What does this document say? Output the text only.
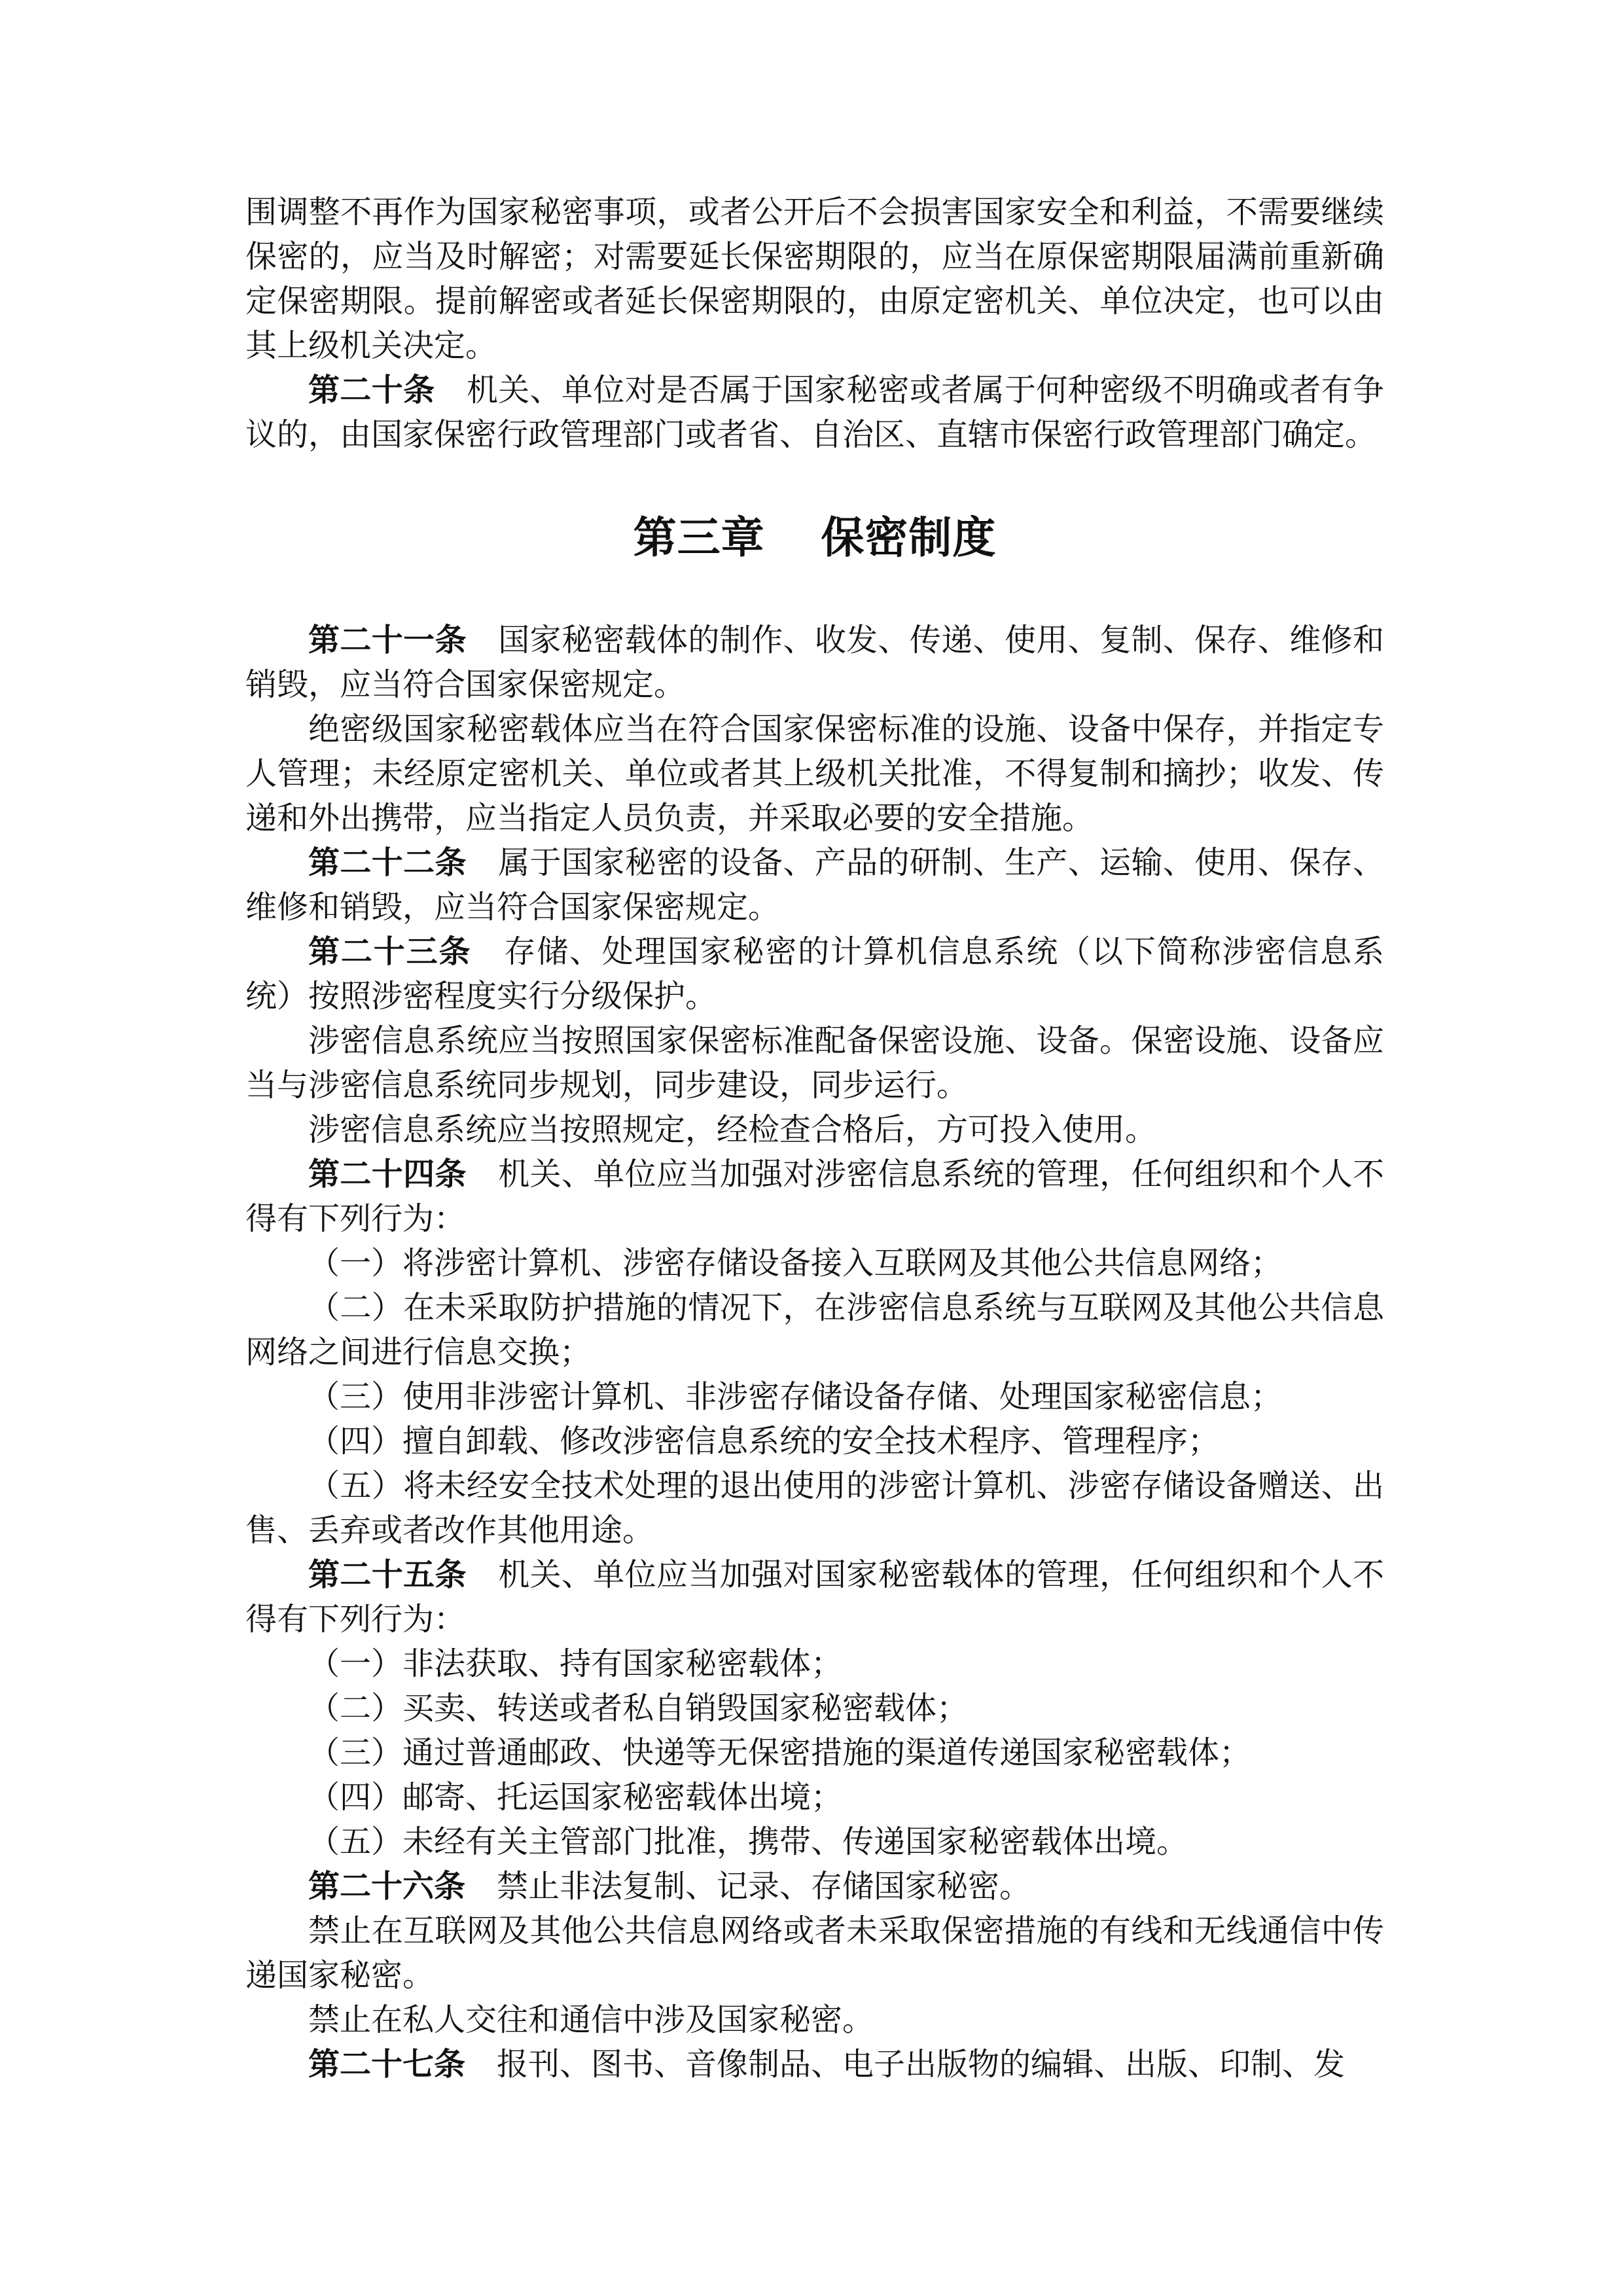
围调整不再作为国家秘密事项，或者公开后不会损害国家安全和利益，不需要继续保密的，应当及时解密；对需要延长保密期限的，应当在原保密期限届满前重新确定保密期限。提前解密或者延长保密期限的，由原定密机关、单位决定，也可以由其上级机关决定。

第二十条 机关、单位对是否属于国家秘密或者属于何种密级不明确或者有争议的，由国家保密行政管理部门或者省、自治区、直辖市保密行政管理部门确定。

第三章 保密制度

第二十一条 国家秘密载体的制作、收发、传递、使用、复制、保存、维修和销毁，应当符合国家保密规定。

绝密级国家秘密载体应当在符合国家保密标准的设施、设备中保存，并指定专人管理；未经原定密机关、单位或者其上级机关批准，不得复制和摘抄；收发、传递和外出携带，应当指定人员负责，并采取必要的安全措施。

第二十二条 属于国家秘密的设备、产品的研制、生产、运输、使用、保存、维修和销毁，应当符合国家保密规定。

第二十三条 存储、处理国家秘密的计算机信息系统（以下简称涉密信息系统）按照涉密程度实行分级保护。

涉密信息系统应当按照国家保密标准配备保密设施、设备。保密设施、设备应当与涉密信息系统同步规划，同步建设，同步运行。

涉密信息系统应当按照规定，经检查合格后，方可投入使用。

第二十四条 机关、单位应当加强对涉密信息系统的管理，任何组织和个人不得有下列行为：

（一）将涉密计算机、涉密存储设备接入互联网及其他公共信息网络；

（二）在未采取防护措施的情况下，在涉密信息系统与互联网及其他公共信息网络之间进行信息交换；

（三）使用非涉密计算机、非涉密存储设备存储、处理国家秘密信息；

（四）擅自卸载、修改涉密信息系统的安全技术程序、管理程序；

（五）将未经安全技术处理的退出使用的涉密计算机、涉密存储设备赠送、出售、丢弃或者改作其他用途。

第二十五条 机关、单位应当加强对国家秘密载体的管理，任何组织和个人不得有下列行为：

（一）非法获取、持有国家秘密载体；

（二）买卖、转送或者私自销毁国家秘密载体；

（三）通过普通邮政、快递等无保密措施的渠道传递国家秘密载体；

（四）邮寄、托运国家秘密载体出境；

（五）未经有关主管部门批准，携带、传递国家秘密载体出境。

第二十六条 禁止非法复制、记录、存储国家秘密。

禁止在互联网及其他公共信息网络或者未采取保密措施的有线和无线通信中传递国家秘密。

禁止在私人交往和通信中涉及国家秘密。

第二十七条 报刊、图书、音像制品、电子出版物的编辑、出版、印制、发
